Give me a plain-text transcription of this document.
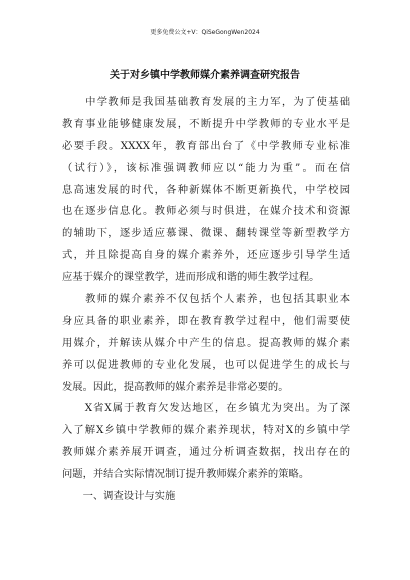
更多免费公文+V：QiSeGongWen2024
关于对乡镇中学教师媒介素养调查研究报告
　　中学教师是我国基础教育发展的主力军，为了使基础
教育事业能够健康发展，不断提升中学教师的专业水平是
必要手段。XXXX年，教育部出台了《中学教师专业标准
（试行）》，该标准强调教师应以“能力为重”。而在信
息高速发展的时代，各种新媒体不断更新换代，中学校园
也在逐步信息化。教师必须与时俱进，在媒介技术和资源
的辅助下，逐步适应慕课、微课、翻转课堂等新型教学方
式，并且除提高自身的媒介素养外，还应逐步引导学生适
应基于媒介的课堂教学，进而形成和谐的师生教学过程。
　　教师的媒介素养不仅包括个人素养，也包括其职业本
身应具备的职业素养，即在教育教学过程中，他们需要使
用媒介，并解读从媒介中产生的信息。提高教师的媒介素
养可以促进教师的专业化发展，也可以促进学生的成长与
发展。因此，提高教师的媒介素养是非常必要的。
　　X省X属于教育欠发达地区，在乡镇尤为突出。为了深
入了解X乡镇中学教师的媒介素养现状，特对X的乡镇中学
教师媒介素养展开调查，通过分析调查数据，找出存在的
问题，并结合实际情况制订提升教师媒介素养的策略。
　　一、调查设计与实施
